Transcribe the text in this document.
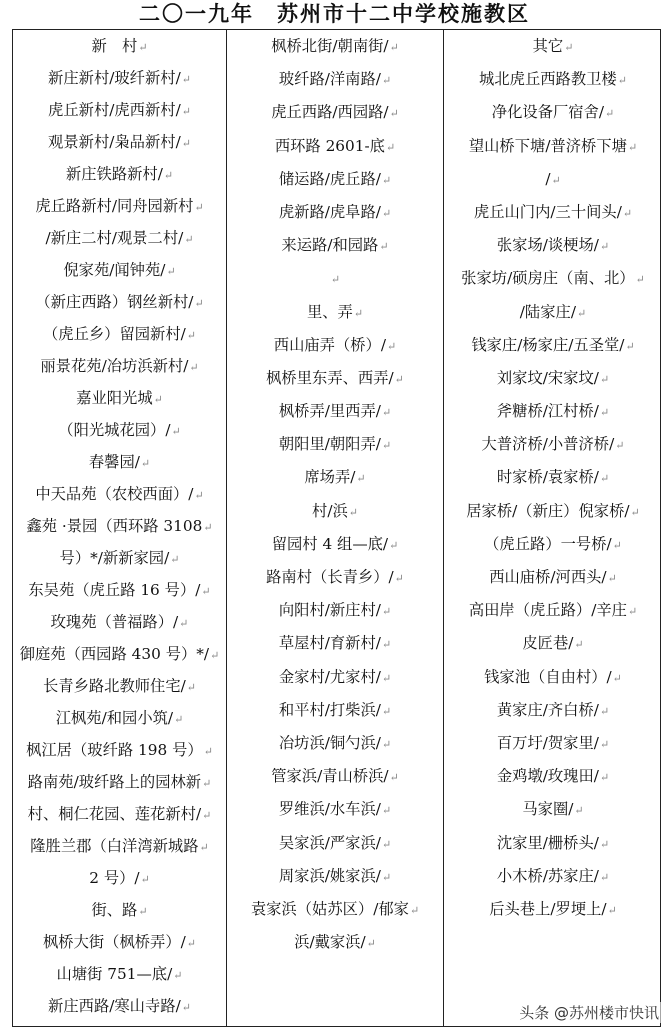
二〇一九年　苏州市十二中学校施教区
新　村↵
新庄新村/玻纤新村/↵
虎丘新村/虎西新村/↵
观景新村/枭品新村/↵
新庄铁路新村/↵
虎丘路新村/同舟园新村↵
/新庄二村/观景二村/↵
倪家苑/闻钟苑/↵
（新庄西路）钢丝新村/↵
（虎丘乡）留园新村/↵
丽景花苑/冶坊浜新村/↵
嘉业阳光城↵
（阳光城花园）/↵
春馨园/↵
中天品苑（农校西面）/↵
鑫苑 ·景园（西环路 3108↵
号）*/新新家园/↵
东吴苑（虎丘路 16 号）/↵
玫瑰苑（普福路）/↵
御庭苑（西园路 430 号）*/↵
长青乡路北教师住宅/↵
江枫苑/和园小筑/↵
枫江居（玻纤路 198 号）↵
路南苑/玻纤路上的园林新↵
村、桐仁花园、莲花新村/↵
隆胜兰郡（白洋湾新城路↵
2 号）/↵
街、路↵
枫桥大街（枫桥弄）/↵
山塘街 751—底/↵
新庄西路/寒山寺路/↵
枫桥北街/朝南街/↵
玻纤路/洋南路/↵
虎丘西路/西园路/↵
西环路 2601-底↵
储运路/虎丘路/↵
虎新路/虎阜路/↵
来运路/和园路↵
↵
里、弄↵
西山庙弄（桥）/↵
枫桥里东弄、西弄/↵
枫桥弄/里西弄/↵
朝阳里/朝阳弄/↵
席场弄/↵
村/浜↵
留园村 4 组—底/↵
路南村（长青乡）/↵
向阳村/新庄村/↵
草屋村/育新村/↵
金家村/尤家村/↵
和平村/打柴浜/↵
冶坊浜/铜勺浜/↵
管家浜/青山桥浜/↵
罗维浜/水车浜/↵
吴家浜/严家浜/↵
周家浜/姚家浜/↵
袁家浜（姑苏区）/郁家↵
浜/戴家浜/↵
其它↵
城北虎丘西路教卫楼↵
净化设备厂宿舍/↵
望山桥下塘/普济桥下塘↵
/↵
虎丘山门内/三十间头/↵
张家场/谈梗场/↵
张家坊/硕房庄（南、北）↵
/陆家庄/↵
钱家庄/杨家庄/五圣堂/↵
刘家坟/宋家坟/↵
斧糖桥/江村桥/↵
大普济桥/小普济桥/↵
时家桥/袁家桥/↵
居家桥/（新庄）倪家桥/↵
（虎丘路）一号桥/↵
西山庙桥/河西头/↵
高田岸（虎丘路）/辛庄↵
皮匠巷/↵
钱家池（自由村）/↵
黄家庄/齐白桥/↵
百万圩/贺家里/↵
金鸡墩/玫瑰田/↵
马家圈/↵
沈家里/栅桥头/↵
小木桥/苏家庄/↵
后头巷上/罗埂上/↵
头条 @苏州楼市快讯
